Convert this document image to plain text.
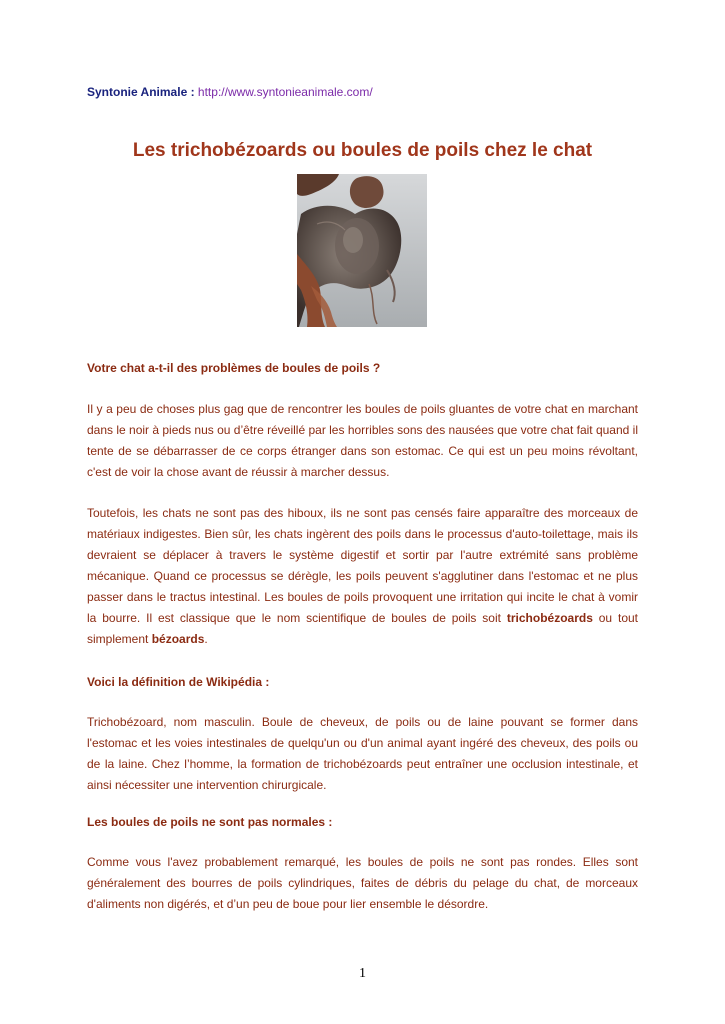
Syntonie Animale : http://www.syntonieanimale.com/
Les trichobézoards ou boules de poils chez le chat

Votre chat a-t-il des problèmes de boules de poils ?

Il y a peu de choses plus gag que de rencontrer les boules de poils gluantes de votre chat en marchant dans le noir à pieds nus ou d’être réveillé par les horribles sons des nausées que votre chat fait quand il tente de se débarrasser de ce corps étranger dans son estomac. Ce qui est un peu moins révoltant, c'est de voir la chose avant de réussir à marcher dessus.

Toutefois, les chats ne sont pas des hiboux, ils ne sont pas censés faire apparaître des morceaux de matériaux indigestes. Bien sûr, les chats ingèrent des poils dans le processus d'auto-toilettage, mais ils devraient se déplacer à travers le système digestif et sortir par l'autre extrémité sans problème mécanique. Quand ce processus se dérègle, les poils peuvent s'agglutiner dans l'estomac et ne plus passer dans le tractus intestinal. Les boules de poils provoquent une irritation qui incite le chat à vomir la bourre. Il est classique que le nom scientifique de boules de poils soit trichobézoards ou tout simplement bézoards.

Voici la définition de Wikipédia :

Trichobézoard, nom masculin. Boule de cheveux, de poils ou de laine pouvant se former dans l'estomac et les voies intestinales de quelqu'un ou d'un animal ayant ingéré des cheveux, des poils ou de la laine. Chez l’homme, la formation de trichobézoards peut entraîner une occlusion intestinale, et ainsi nécessiter une intervention chirurgicale.

Les boules de poils ne sont pas normales :

Comme vous l'avez probablement remarqué, les boules de poils ne sont pas rondes. Elles sont généralement des bourres de poils cylindriques, faites de débris du pelage du chat, de morceaux d'aliments non digérés, et d’un peu de boue pour lier ensemble le désordre.

1
